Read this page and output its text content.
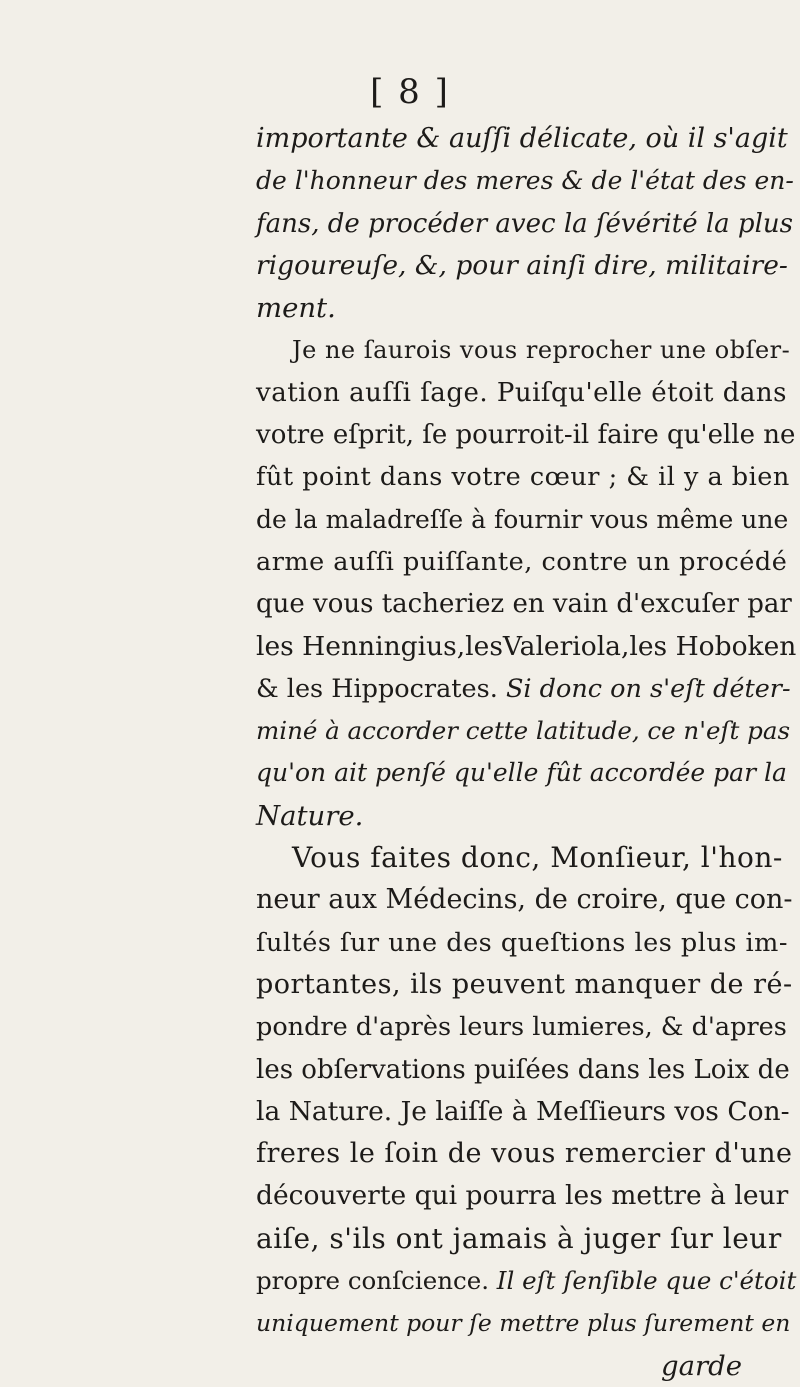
[ 8 ]
importante & auſſi délicate, où il s'agit
de l'honneur des meres & de l'état des en-
fans, de procéder avec la ſévérité la plus
rigoureuſe, &, pour ainſi dire, militaire-
ment.
Je ne ſaurois vous reprocher une obſer-
vation auſſi ſage. Puiſqu'elle étoit dans
votre eſprit, ſe pourroit-il faire qu'elle ne
fût point dans votre cœur ; & il y a bien
de la maladreſſe à fournir vous même une
arme auſſi puiſſante, contre un procédé
que vous tacheriez en vain d'excuſer par
les Henningius,lesValeriola,les Hoboken
& les Hippocrates. Si donc on s'eſt déter-
miné à accorder cette latitude, ce n'eſt pas
qu'on ait penſé qu'elle fût accordée par la
Nature.
Vous faites donc, Monſieur, l'hon-
neur aux Médecins, de croire, que con-
ſultés ſur une des queſtions les plus im-
portantes, ils peuvent manquer de ré-
pondre d'après leurs lumieres, & d'apres
les obſervations puiſées dans les Loix de
la Nature. Je laiſſe à Meſſieurs vos Con-
freres le ſoin de vous remercier d'une
découverte qui pourra les mettre à leur
aiſe, s'ils ont jamais à juger ſur leur
propre conſcience. Il eſt ſenſible que c'étoit
uniquement pour ſe mettre plus ſurement en
garde
